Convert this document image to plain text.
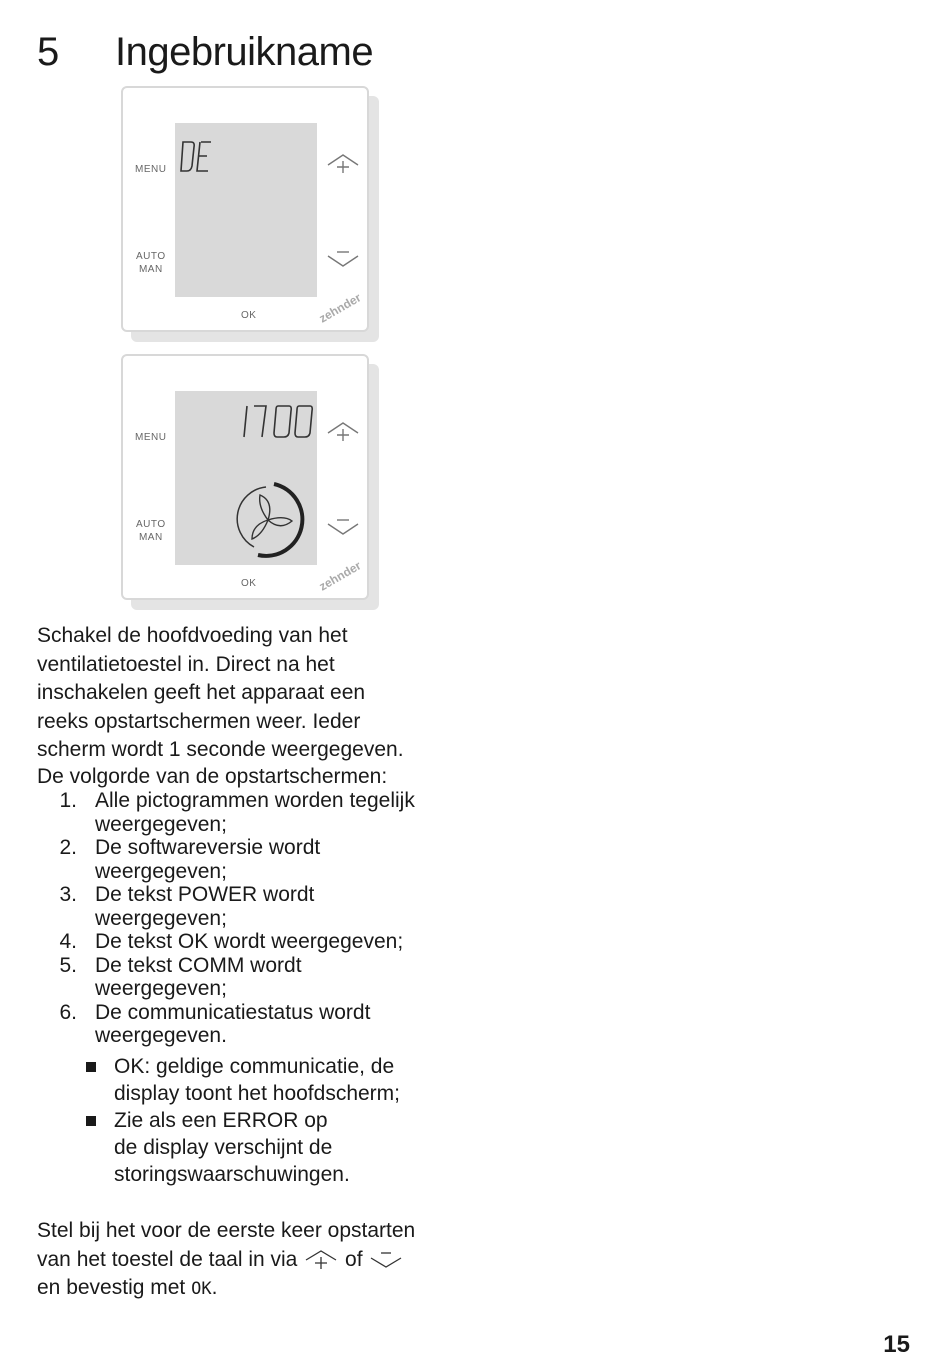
5 Ingebruikname
MENU
AUTO
MAN
OK	zehnder
MENU
AUTO
MAN
OK	zehnder
Schakel de hoofdvoeding van het
ventilatietoestel in. Direct na het
inschakelen geeft het apparaat een
reeks opstartschermen weer. Ieder
scherm wordt 1 seconde weergegeven.
De volgorde van de opstartschermen:
1. Alle pictogrammen worden tegelijk
weergegeven;
2. De softwareversie wordt
weergegeven;
3. De tekst POWER wordt
weergegeven;
4. De tekst OK wordt weergegeven;
5. De tekst COMM wordt
weergegeven;
6. De communicatiestatus wordt
weergegeven.
OK: geldige communicatie, de
display toont het hoofdscherm;
Zie als een ERROR op
de display verschijnt de
storingswaarschuwingen.
Stel bij het voor de eerste keer opstarten
van het toestel de taal in via of
en bevestig met OK.
15
